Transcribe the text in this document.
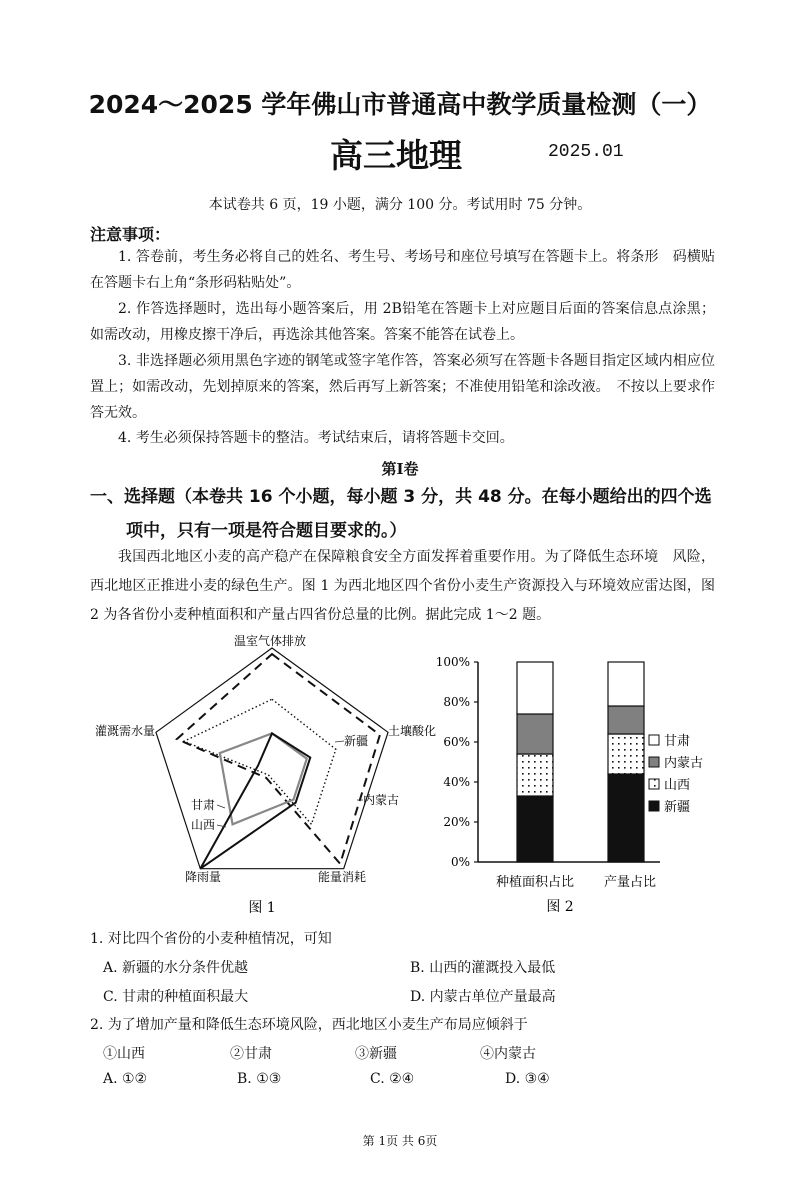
2024～2025 学年佛山市普通高中教学质量检测（一）
高三地理	2025.01
本试卷共 6 页，19 小题，满分 100 分。考试用时 75 分钟。
注意事项：
1. 答卷前，考生务必将自己的姓名、考生号、考场号和座位号填写在答题卡上。将条形　码横贴在答题卡右上角“条形码粘贴处”。
2. 作答选择题时，选出每小题答案后，用 2B铅笔在答题卡上对应题目后面的答案信息点涂黑；如需改动，用橡皮擦干净后，再选涂其他答案。答案不能答在试卷上。
3. 非选择题必须用黑色字迹的钢笔或签字笔作答，答案必须写在答题卡各题目指定区域内相应位置上；如需改动，先划掉原来的答案，然后再写上新答案；不准使用铅笔和涂改液。　不按以上要求作答无效。
4. 考生必须保持答题卡的整洁。考试结束后，请将答题卡交回。
第Ⅰ卷
一、选择题（本卷共 16 个小题，每小题 3 分，共 48 分。在每小题给出的四个选
项中，只有一项是符合题目要求的。）
我国西北地区小麦的高产稳产在保障粮食安全方面发挥着重要作用。为了降低生态环境　风险，西北地区正推进小麦的绿色生产。图 1 为西北地区四个省份小麦生产资源投入与环境效应雷达图，图 2 为各省份小麦种植面积和产量占四省份总量的比例。据此完成 1～2 题。
温室气体排放
土壤酸化
能量消耗
降雨量
灌溉需水量
新疆
内蒙古
甘肃
山西
图 1
0%
20%
40%
60%
80%
100%
甘肃
内蒙古
山西
新疆
种植面积占比 产量占比
图 2
1. 对比四个省份的小麦种植情况，可知
A. 新疆的水分条件优越	B. 山西的灌溉投入最低
C. 甘肃的种植面积最大	D. 内蒙古单位产量最高
2. 为了增加产量和降低生态环境风险，西北地区小麦生产布局应倾斜于
①山西	②甘肃	③新疆	④内蒙古
A. ①②	B. ①③	C. ②④	D. ③④
第 1页 共 6页
